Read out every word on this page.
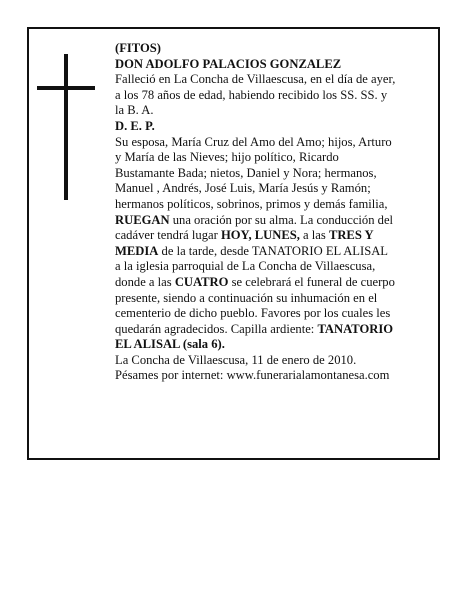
(FITOS)
DON ADOLFO PALACIOS GONZALEZ
Falleció en La Concha de Villaescusa, en el día de ayer,
a los 78 años de edad, habiendo recibido los SS. SS. y
la B. A.
D. E. P.
Su esposa, María Cruz del Amo del Amo; hijos, Arturo
y María de las Nieves; hijo político, Ricardo
Bustamante Bada; nietos, Daniel y Nora; hermanos,
Manuel , Andrés, José Luis, María Jesús y Ramón;
hermanos políticos, sobrinos, primos y demás familia,
RUEGAN una oración por su alma. La conducción del
cadáver tendrá lugar HOY, LUNES, a las TRES Y
MEDIA de la tarde, desde TANATORIO EL ALISAL
a la iglesia parroquial de La Concha de Villaescusa,
donde a las CUATRO se celebrará el funeral de cuerpo
presente, siendo a continuación su inhumación en el
cementerio de dicho pueblo. Favores por los cuales les
quedarán agradecidos. Capilla ardiente: TANATORIO
EL ALISAL (sala 6).
La Concha de Villaescusa, 11 de enero de 2010.
Pésames por internet: www.funerarialamontanesa.com
